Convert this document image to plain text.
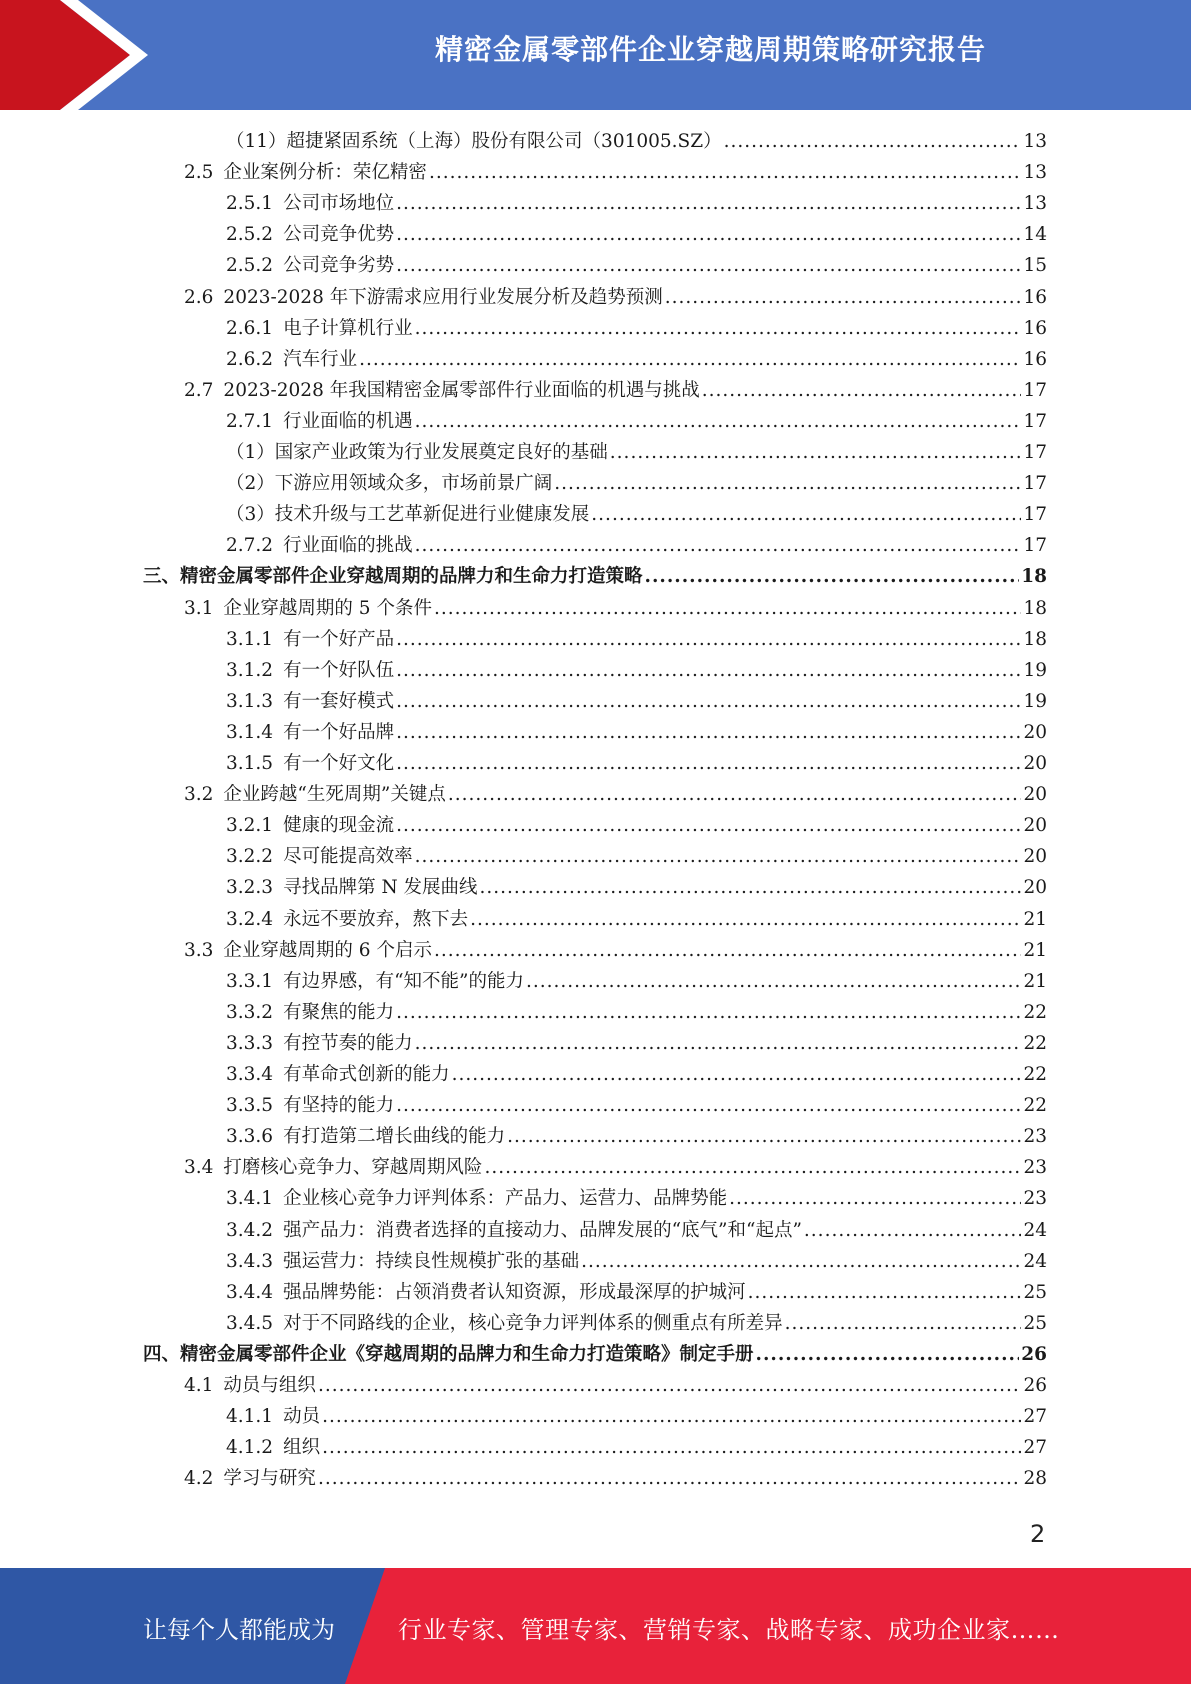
精密金属零部件企业穿越周期策略研究报告
（11） 超捷紧固系统（上海）股份有限公司（301005.SZ） .....	13
2.5 企业案例分析：荣亿精密 .....	13
2.5.1 公司市场地位 .....	13
2.5.2 公司竞争优势 .....	14
2.5.2 公司竞争劣势 .....	15
2.6 2023-2028 年下游需求应用行业发展分析及趋势预测 .....	16
2.6.1 电子计算机行业 .....	16
2.6.2 汽车行业 .....	16
2.7 2023-2028 年我国精密金属零部件行业面临的机遇与挑战 .....	17
2.7.1 行业面临的机遇 .....	17
（1） 国家产业政策为行业发展奠定良好的基础 .....	17
（2） 下游应用领域众多，市场前景广阔 .....	17
（3） 技术升级与工艺革新促进行业健康发展 .....	17
2.7.2 行业面临的挑战 .....	17
三、 精密金属零部件企业穿越周期的品牌力和生命力打造策略 .....	18
3.1 企业穿越周期的 5 个条件 .....	18
3.1.1 有一个好产品 .....	18
3.1.2 有一个好队伍 .....	19
3.1.3 有一套好模式 .....	19
3.1.4 有一个好品牌 .....	20
3.1.5 有一个好文化 .....	20
3.2 企业跨越“生死周期”关键点 .....	20
3.2.1 健康的现金流 .....	20
3.2.2 尽可能提高效率 .....	20
3.2.3 寻找品牌第 N 发展曲线 .....	20
3.2.4 永远不要放弃，熬下去 .....	21
3.3 企业穿越周期的 6 个启示 .....	21
3.3.1 有边界感，有“知不能”的能力 .....	21
3.3.2 有聚焦的能力 .....	22
3.3.3 有控节奏的能力 .....	22
3.3.4 有革命式创新的能力 .....	22
3.3.5 有坚持的能力 .....	22
3.3.6 有打造第二增长曲线的能力 .....	23
3.4 打磨核心竞争力、穿越周期风险 .....	23
3.4.1 企业核心竞争力评判体系：产品力、运营力、品牌势能 .....	23
3.4.2 强产品力：消费者选择的直接动力、品牌发展的“底气”和“起点” .....	24
3.4.3 强运营力：持续良性规模扩张的基础 .....	24
3.4.4 强品牌势能：占领消费者认知资源，形成最深厚的护城河 .....	25
3.4.5 对于不同路线的企业，核心竞争力评判体系的侧重点有所差异 .....	25
四、 精密金属零部件企业《穿越周期的品牌力和生命力打造策略》制定手册 .....	26
4.1 动员与组织 .....	26
4.1.1 动员 .....	27
4.1.2 组织 .....	27
4.2 学习与研究 .....	28
2
让每个人都能成为	行业专家、管理专家、营销专家、战略专家、成功企业家……
